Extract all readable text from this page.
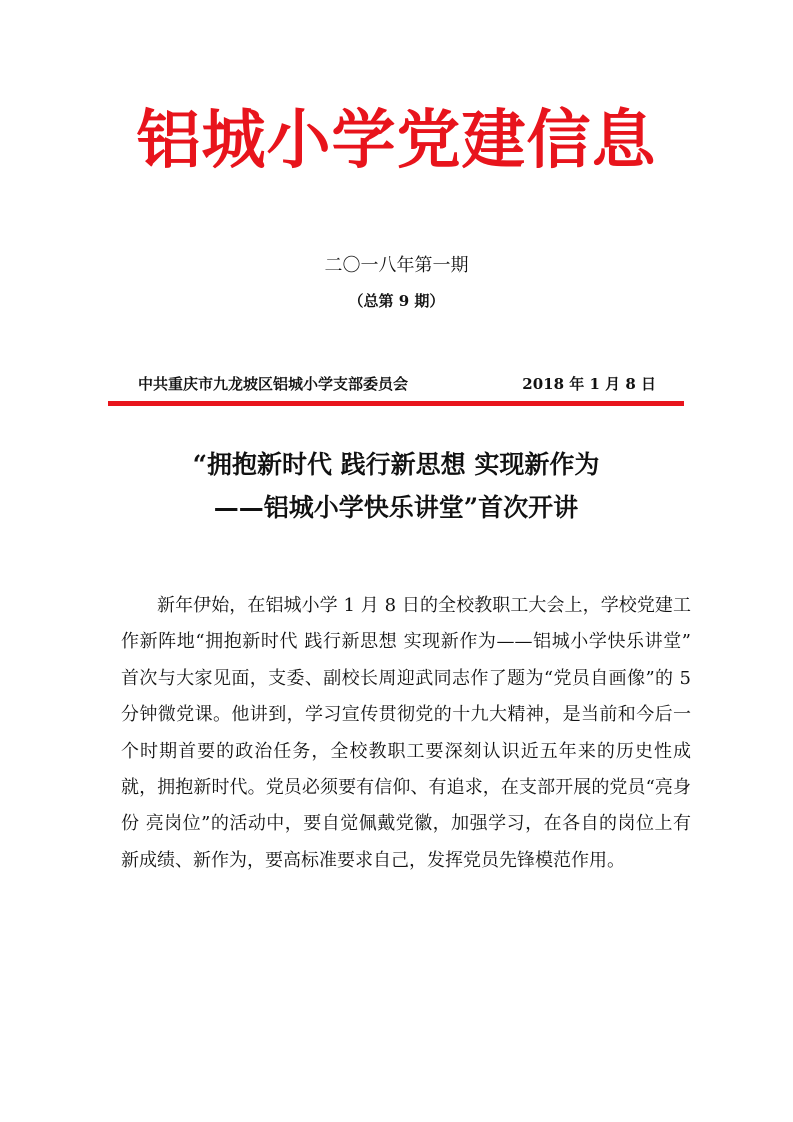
铝城小学党建信息
二〇一八年第一期
（总第 9 期）
中共重庆市九龙坡区铝城小学支部委员会	2018 年 1 月 8 日
“拥抱新时代 践行新思想 实现新作为
——铝城小学快乐讲堂”首次开讲

新年伊始，在铝城小学 1 月 8 日的全校教职工大会上，学校党建工作新阵地“拥抱新时代 践行新思想 实现新作为——铝城小学快乐讲堂” 首次与大家见面，支委、副校长周迎武同志作了题为“党员自画像”的 5 分钟微党课。他讲到，学习宣传贯彻党的十九大精神，是当前和今后一个时期首要的政治任务，全校教职工要深刻认识近五年来的历史性成就，拥抱新时代。党员必须要有信仰、有追求，在支部开展的党员“亮身份 亮岗位”的活动中，要自觉佩戴党徽，加强学习，在各自的岗位上有新成绩、新作为，要高标准要求自己，发挥党员先锋模范作用。
